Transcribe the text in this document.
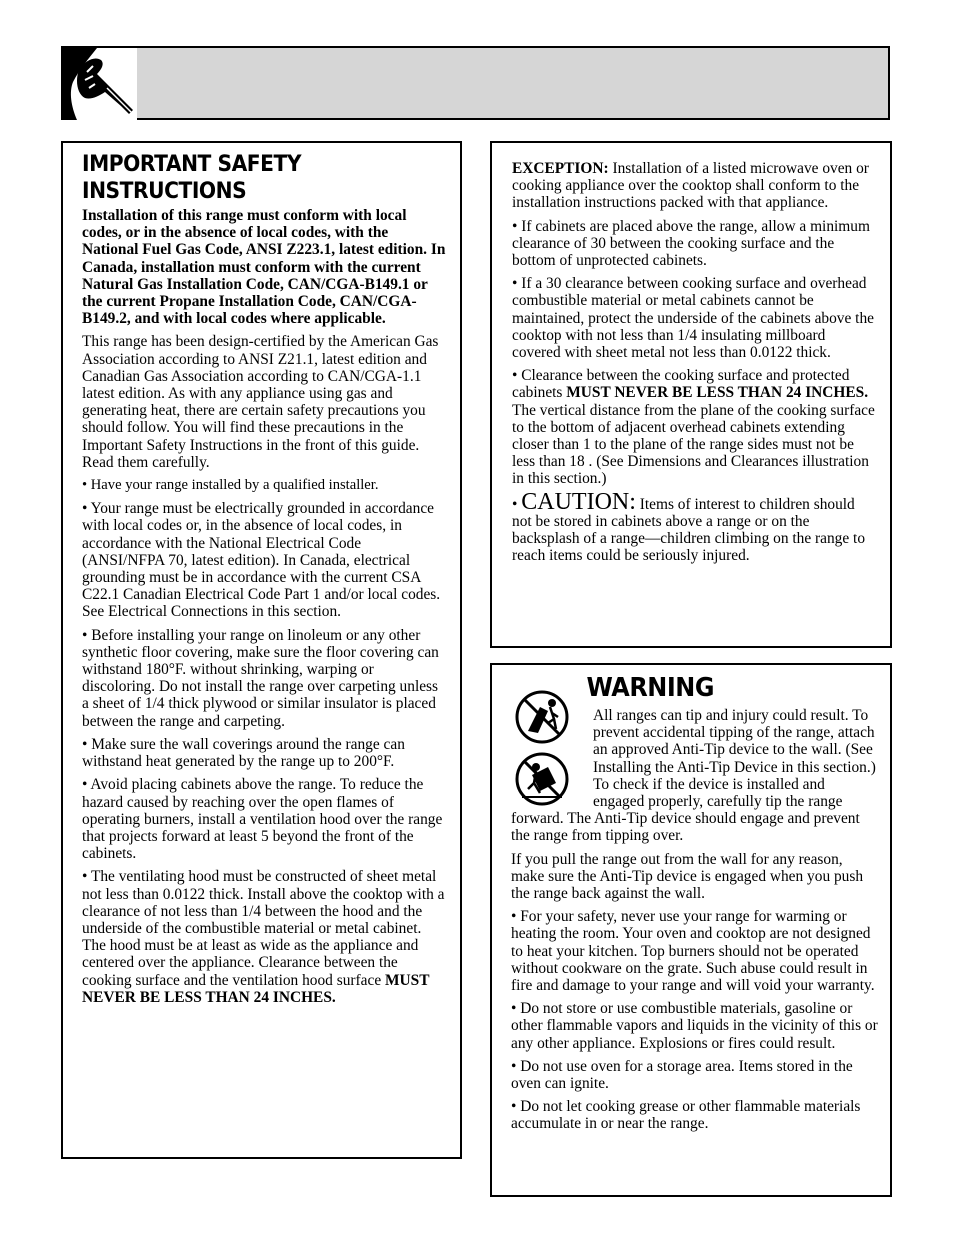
IMPORTANT SAFETY
INSTRUCTIONS

Installation of this range must conform with local codes, or in the absence of local codes, with the National Fuel Gas Code, ANSI Z223.1, latest edition. In Canada, installation must conform with the current Natural Gas Installation Code, CAN/CGA-B149.1 or the current Propane Installation Code, CAN/CGA-B149.2, and with local codes where applicable.

This range has been design-certified by the American Gas Association according to ANSI Z21.1, latest edition and Canadian Gas Association according to CAN/CGA-1.1 latest edition. As with any appliance using gas and generating heat, there are certain safety precautions you should follow. You will find these precautions in the Important Safety Instructions in the front of this guide. Read them carefully.

• Have your range installed by a qualified installer.

• Your range must be electrically grounded in accordance with local codes or, in the absence of local codes, in accordance with the National Electrical Code (ANSI/NFPA 70, latest edition). In Canada, electrical grounding must be in accordance with the current CSA C22.1 Canadian Electrical Code Part 1 and/or local codes. See Electrical Connections in this section.

• Before installing your range on linoleum or any other synthetic floor covering, make sure the floor covering can withstand 180°F. without shrinking, warping or discoloring. Do not install the range over carpeting unless a sheet of 1/4 thick plywood or similar insulator is placed between the range and carpeting.

• Make sure the wall coverings around the range can withstand heat generated by the range up to 200°F.

• Avoid placing cabinets above the range. To reduce the hazard caused by reaching over the open flames of operating burners, install a ventilation hood over the range that projects forward at least 5 beyond the front of the cabinets.

• The ventilating hood must be constructed of sheet metal not less than 0.0122 thick. Install above the cooktop with a clearance of not less than 1/4 between the hood and the underside of the combustible material or metal cabinet. The hood must be at least as wide as the appliance and centered over the appliance. Clearance between the cooking surface and the ventilation hood surface MUST NEVER BE LESS THAN 24 INCHES.

EXCEPTION: Installation of a listed microwave oven or cooking appliance over the cooktop shall conform to the installation instructions packed with that appliance.

• If cabinets are placed above the range, allow a minimum clearance of 30 between the cooking surface and the bottom of unprotected cabinets.

• If a 30 clearance between cooking surface and overhead combustible material or metal cabinets cannot be maintained, protect the underside of the cabinets above the cooktop with not less than 1/4 insulating millboard covered with sheet metal not less than 0.0122 thick.

• Clearance between the cooking surface and protected cabinets MUST NEVER BE LESS THAN 24 INCHES. The vertical distance from the plane of the cooking surface to the bottom of adjacent overhead cabinets extending closer than 1 to the plane of the range sides must not be less than 18 . (See Dimensions and Clearances illustration in this section.)

• CAUTION: Items of interest to children should not be stored in cabinets above a range or on the backsplash of a range—children climbing on the range to reach items could be seriously injured.

WARNING

All ranges can tip and injury could result. To prevent accidental tipping of the range, attach an approved Anti-Tip device to the wall. (See Installing the Anti-Tip Device in this section.) To check if the device is installed and engaged properly, carefully tip the range forward. The Anti-Tip device should engage and prevent the range from tipping over.

If you pull the range out from the wall for any reason, make sure the Anti-Tip device is engaged when you push the range back against the wall.

• For your safety, never use your range for warming or heating the room. Your oven and cooktop are not designed to heat your kitchen. Top burners should not be operated without cookware on the grate. Such abuse could result in fire and damage to your range and will void your warranty.

• Do not store or use combustible materials, gasoline or other flammable vapors and liquids in the vicinity of this or any other appliance. Explosions or fires could result.

• Do not use oven for a storage area. Items stored in the oven can ignite.

• Do not let cooking grease or other flammable materials accumulate in or near the range.
